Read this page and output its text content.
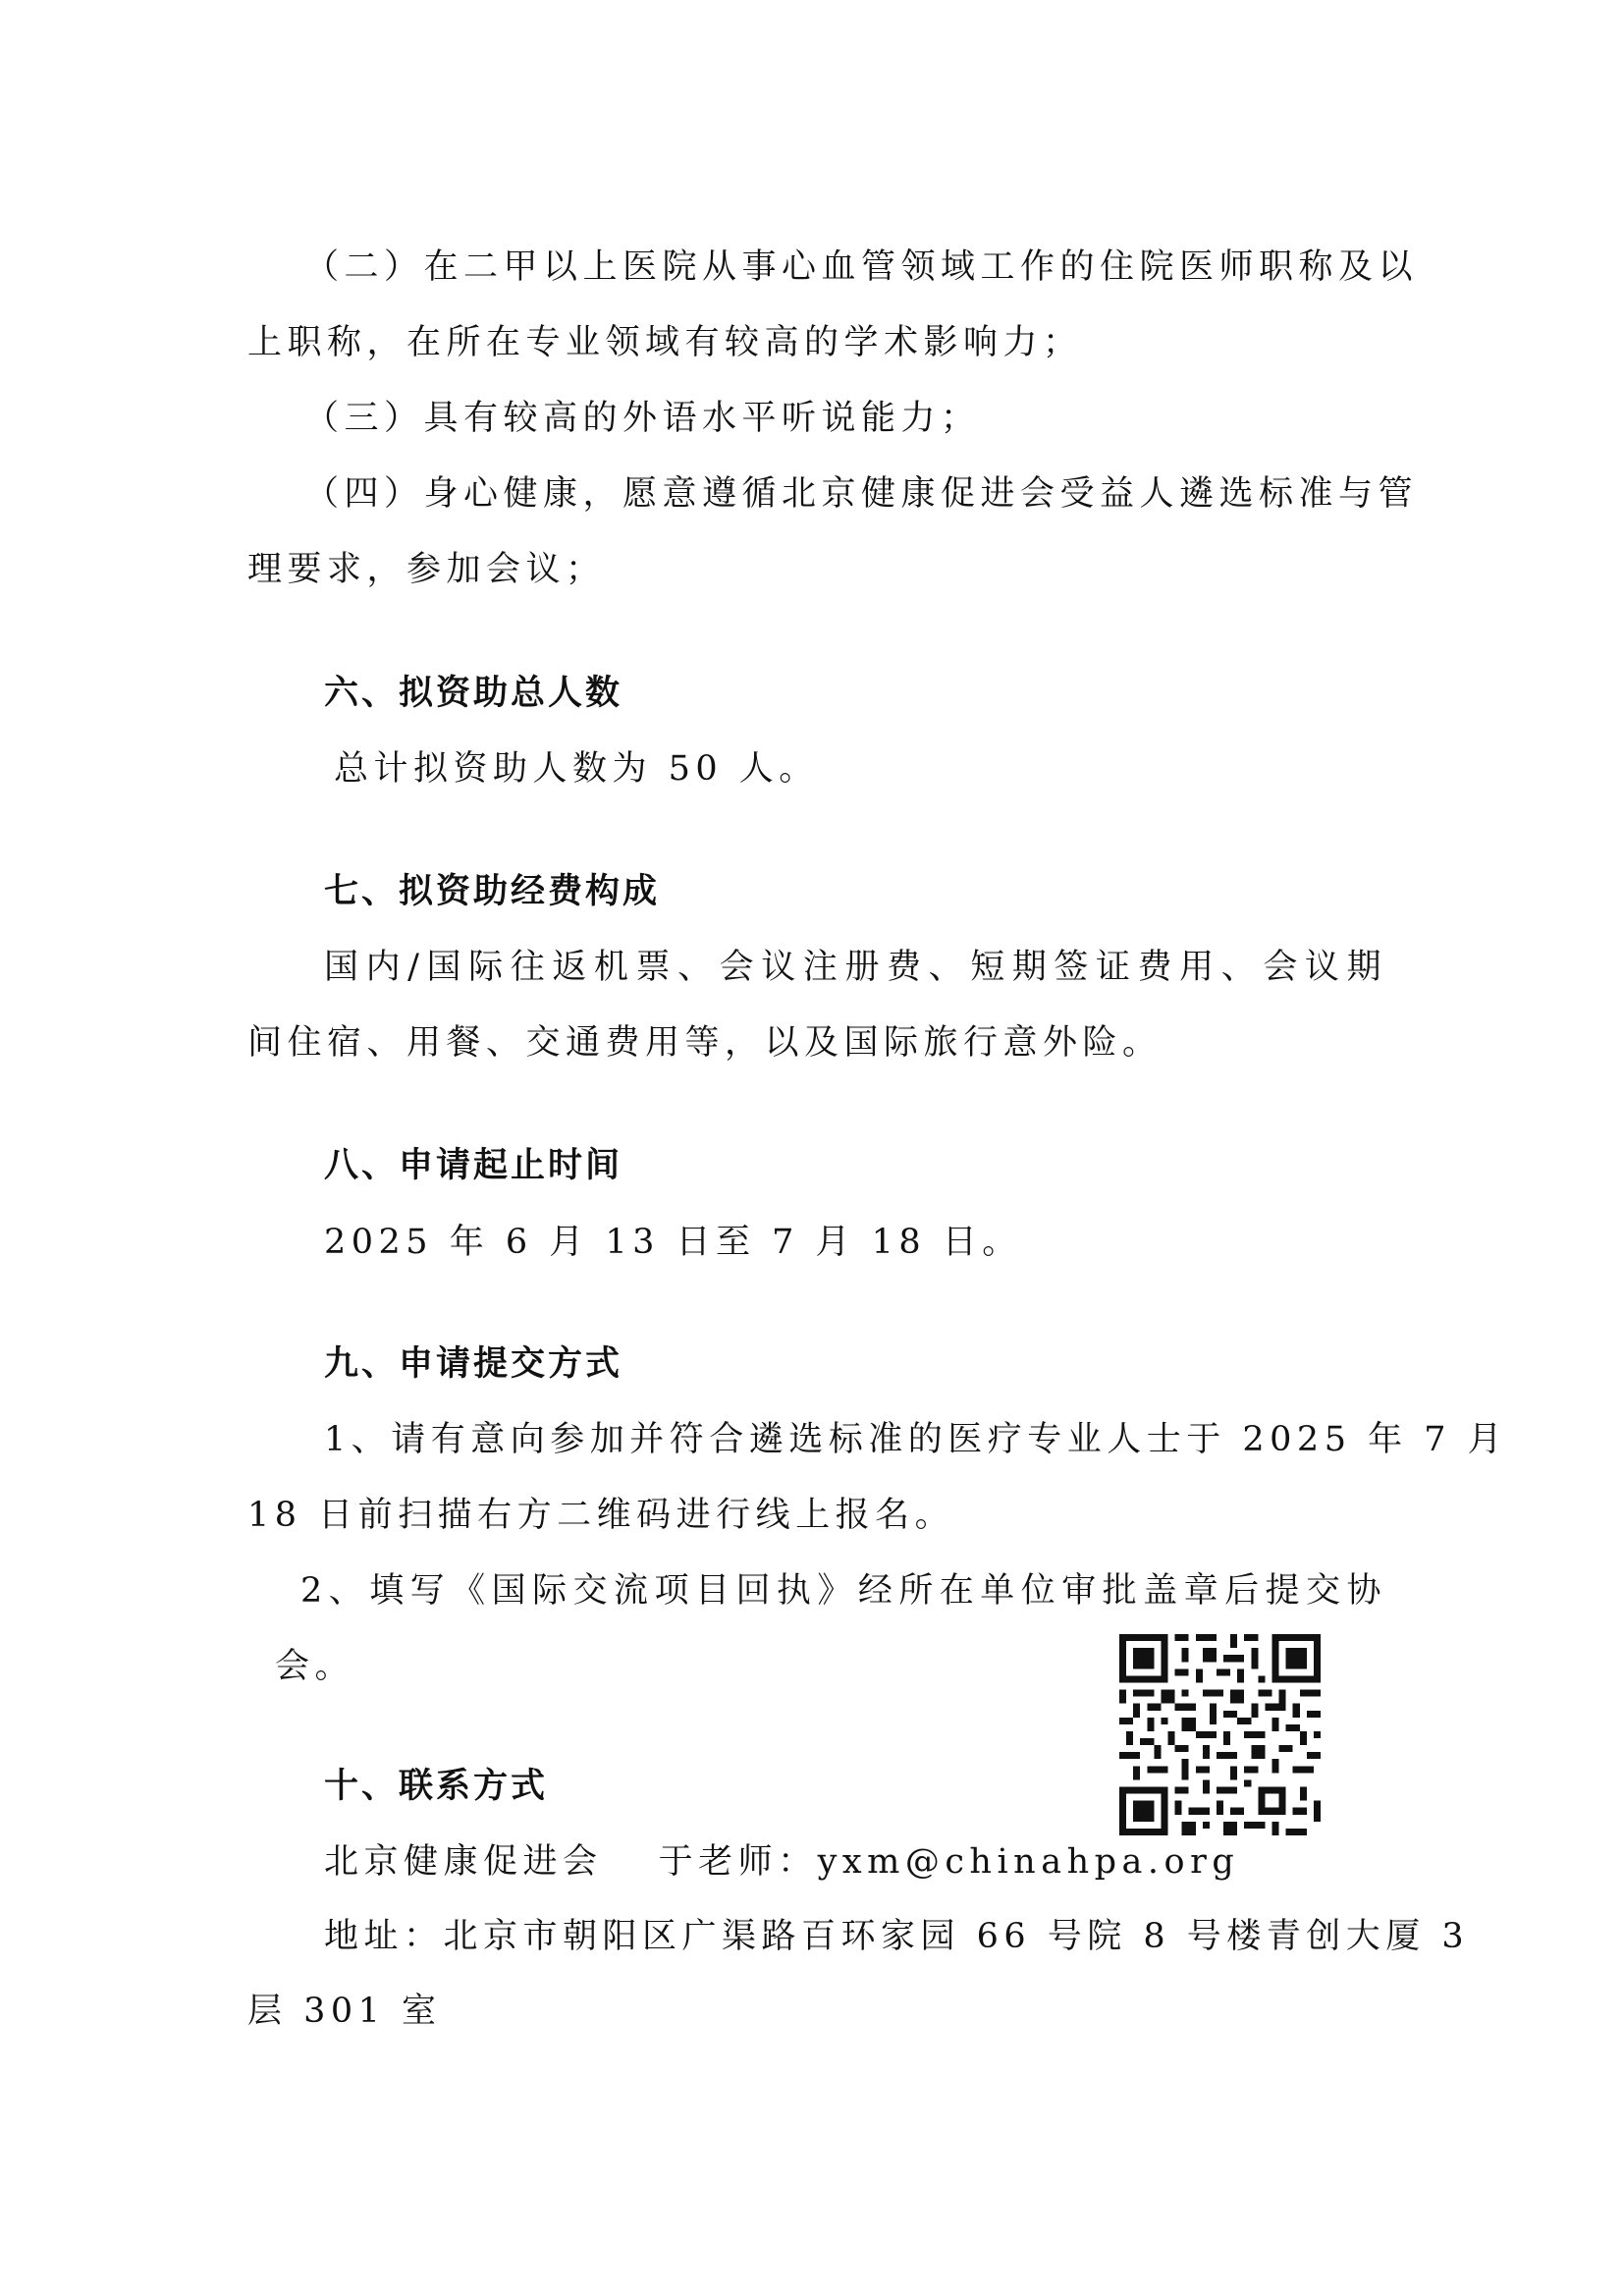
（二）在二甲以上医院从事心血管领域工作的住院医师职称及以
上职称，在所在专业领域有较高的学术影响力；
（三）具有较高的外语水平听说能力；
（四）身心健康，愿意遵循北京健康促进会受益人遴选标准与管
理要求，参加会议；
六、拟资助总人数
总计拟资助人数为 50 人。
七、拟资助经费构成
国内/国际往返机票、会议注册费、短期签证费用、会议期
间住宿、用餐、交通费用等，以及国际旅行意外险。
八、申请起止时间
2025 年 6 月 13 日至 7 月 18 日。
九、申请提交方式
1、请有意向参加并符合遴选标准的医疗专业人士于 2025 年 7 月
18 日前扫描右方二维码进行线上报名。
2、填写《国际交流项目回执》经所在单位审批盖章后提交协
会。
十、联系方式
北京健康促进会　 于老师：yxm@chinahpa.org
地址：北京市朝阳区广渠路百环家园 66 号院 8 号楼青创大厦 3
层 301 室
